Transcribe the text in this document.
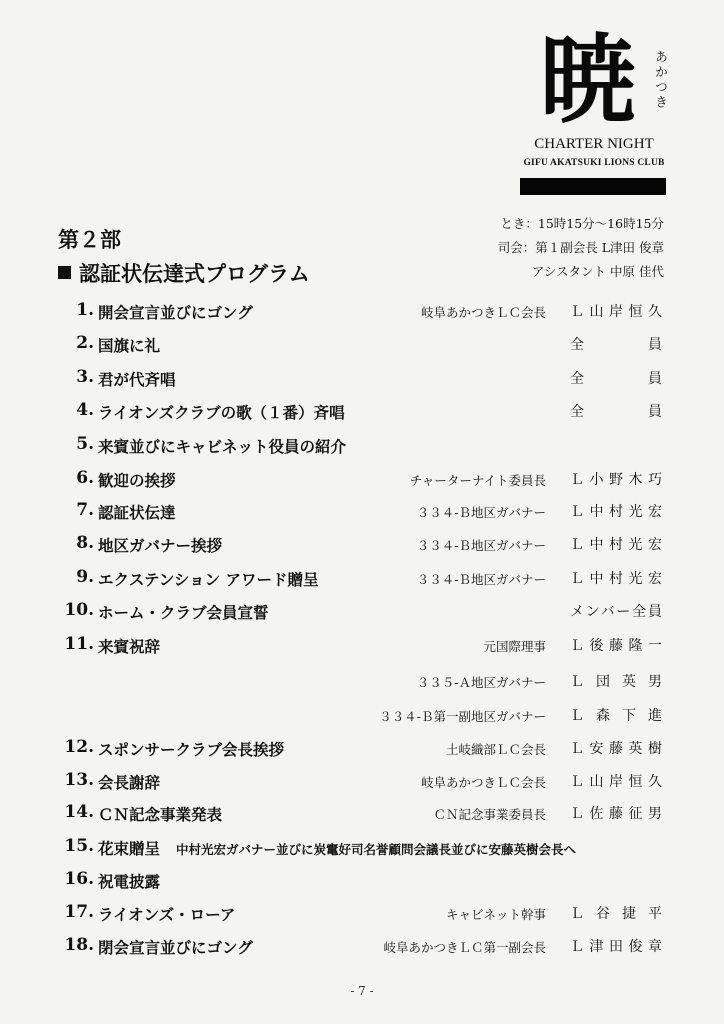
暁 あかつき
CHARTER NIGHT
GIFU AKATSUKI LIONS CLUB
第２部
認証状伝達式プログラム
とき：15時15分～16時15分
司会：第１副会長 L津田 俊章
アシスタント 中原 佳代
1. 開会宣言並びにゴング	岐阜あかつきＬＣ会長 Ｌ山岸恒久
2. 国旗に礼	全員
3. 君が代斉唱	全員
4. ライオンズクラブの歌（１番）斉唱	全員
5. 来賓並びにキャビネット役員の紹介
6. 歓迎の挨拶	チャーターナイト委員長 Ｌ小野木巧
7. 認証状伝達	３３４-Ｂ地区ガバナー Ｌ中村光宏
8. 地区ガバナー挨拶	３３４-Ｂ地区ガバナー Ｌ中村光宏
9. エクステンション アワード贈呈	３３４-Ｂ地区ガバナー Ｌ中村光宏
10. ホーム・クラブ会員宣誓	メンバー全員
11. 来賓祝辞	元国際理事 Ｌ後藤隆一
３３５-Ａ地区ガバナー Ｌ団英男
３３４-Ｂ第一副地区ガバナー Ｌ森下進
12. スポンサークラブ会長挨拶	土岐織部ＬＣ会長 Ｌ安藤英樹
13. 会長謝辞	岐阜あかつきＬＣ会長 Ｌ山岸恒久
14. ＣＮ記念事業発表	ＣＮ記念事業委員長 Ｌ佐藤征男
15. 花束贈呈 中村光宏ガバナー並びに炭竃好司名誉顧問会議長並びに安藤英樹会長へ
16. 祝電披露
17. ライオンズ・ローア	キャビネット幹事 Ｌ谷捷平
18. 閉会宣言並びにゴング	岐阜あかつきＬＣ第一副会長 Ｌ津田俊章
- 7 -
